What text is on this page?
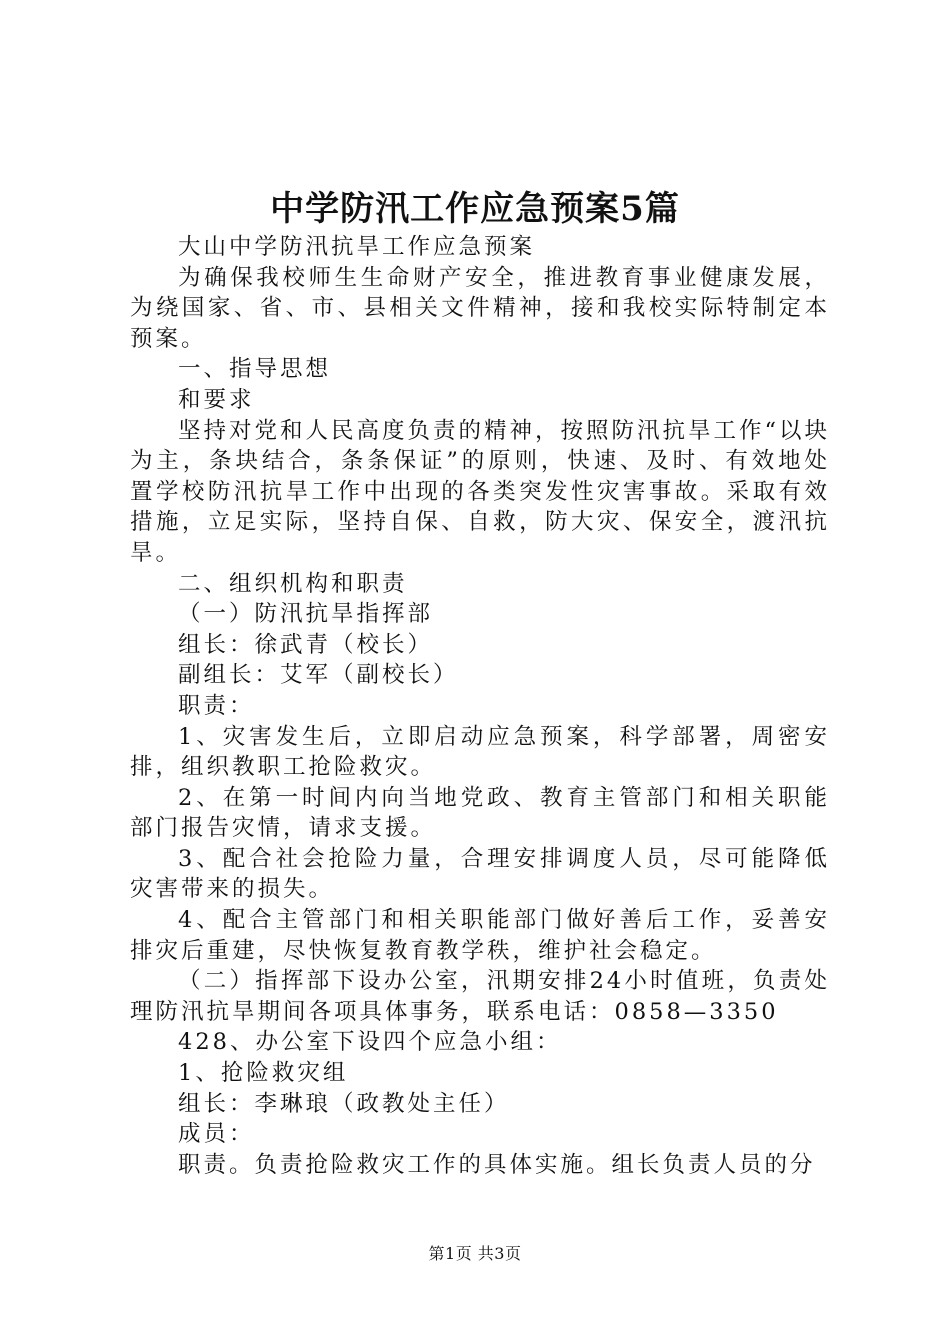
中学防汛工作应急预案5篇

大山中学防汛抗旱工作应急预案

为确保我校师生生命财产安全，推进教育事业健康发展，为绕国家、省、市、县相关文件精神，接和我校实际特制定本预案。

一、指导思想

和要求

坚持对党和人民高度负责的精神，按照防汛抗旱工作“以块为主，条块结合，条条保证”的原则，快速、及时、有效地处置学校防汛抗旱工作中出现的各类突发性灾害事故。采取有效措施，立足实际，坚持自保、自救，防大灾、保安全，渡汛抗旱。

二、组织机构和职责

（一）防汛抗旱指挥部

组长：徐武青（校长）

副组长：艾军（副校长）

职责：

1、灾害发生后，立即启动应急预案，科学部署，周密安排，组织教职工抢险救灾。

2、在第一时间内向当地党政、教育主管部门和相关职能部门报告灾情，请求支援。

3、配合社会抢险力量，合理安排调度人员，尽可能降低灾害带来的损失。

4、配合主管部门和相关职能部门做好善后工作，妥善安排灾后重建，尽快恢复教育教学秩，维护社会稳定。

（二）指挥部下设办公室，汛期安排24小时值班，负责处理防汛抗旱期间各项具体事务，联系电话：0858—3350

428、办公室下设四个应急小组：

1、抢险救灾组

组长：李琳琅（政教处主任）

成员：

职责。负责抢险救灾工作的具体实施。组长负责人员的分

第1页 共3页
